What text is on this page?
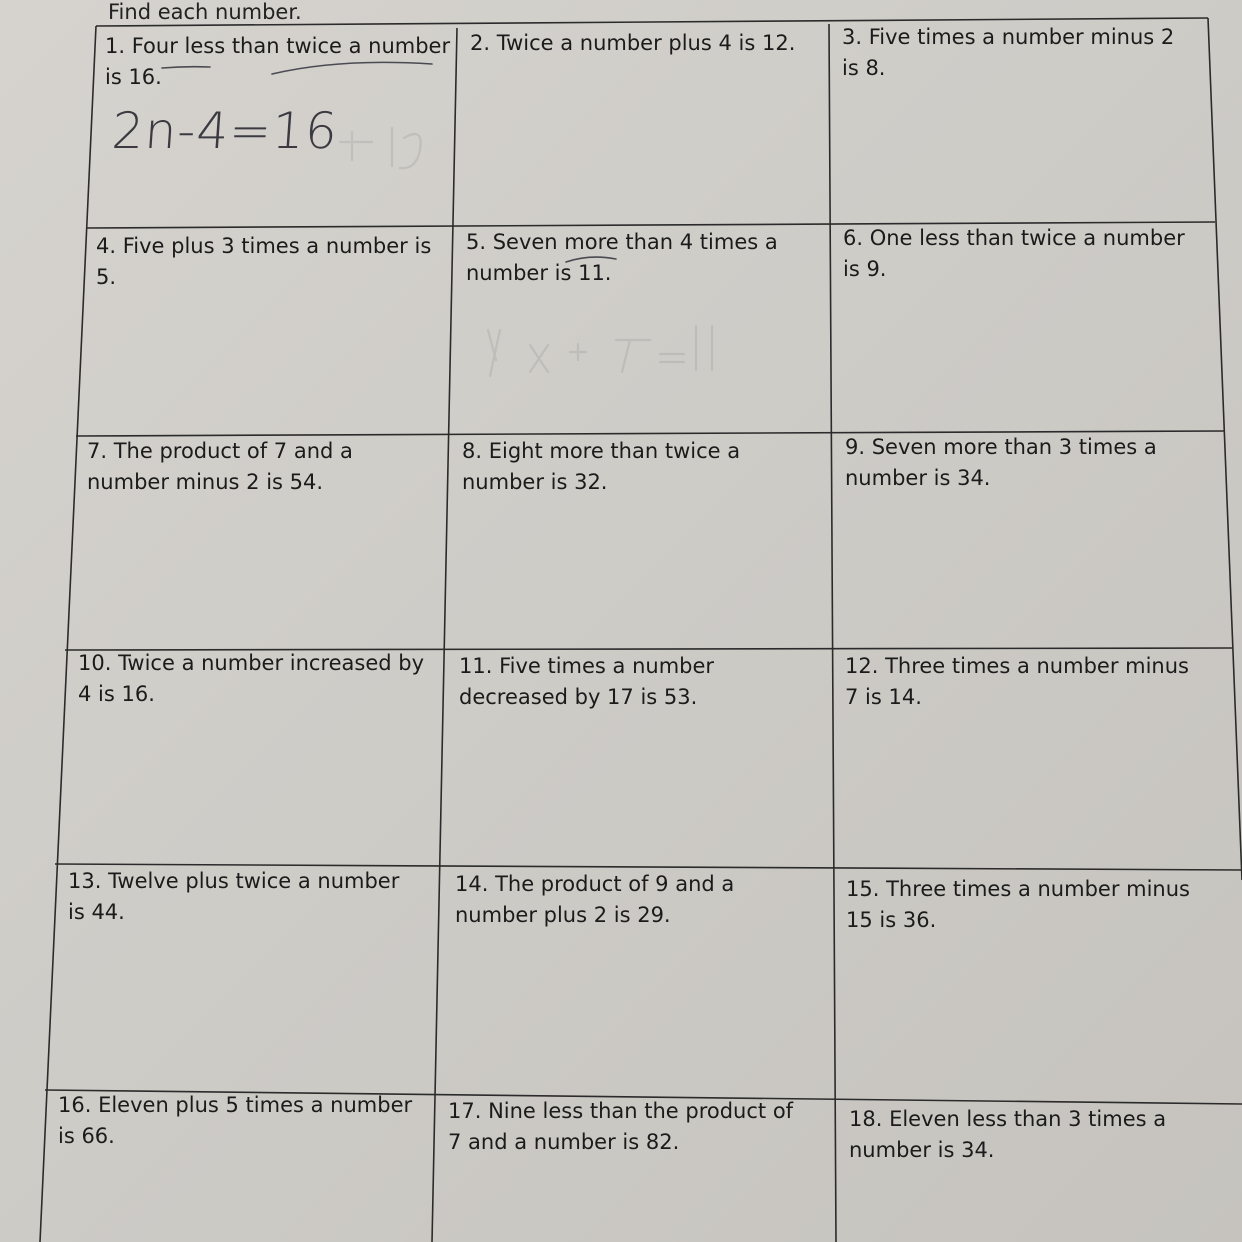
Find each number.
1. Four less than twice a number
is 16.
2. Twice a number plus 4 is 12. 3. Five times a number minus 2
is 8.
4. Five plus 3 times a number is
5.
5. Seven more than 4 times a
number is 11.
6. One less than twice a number
is 9.
7. The product of 7 and a
number minus 2 is 54.
8. Eight more than twice a
number is 32.
9. Seven more than 3 times a
number is 34.
10. Twice a number increased by
4 is 16.
11. Five times a number
decreased by 17 is 53.
12. Three times a number minus
7 is 14.
13. Twelve plus twice a number
is 44.
14. The product of 9 and a
number plus 2 is 29.
15. Three times a number minus
15 is 36.
16. Eleven plus 5 times a number
is 66.
17. Nine less than the product of
7 and a number is 82.
18. Eleven less than 3 times a
number is 34.
2n-4=16
